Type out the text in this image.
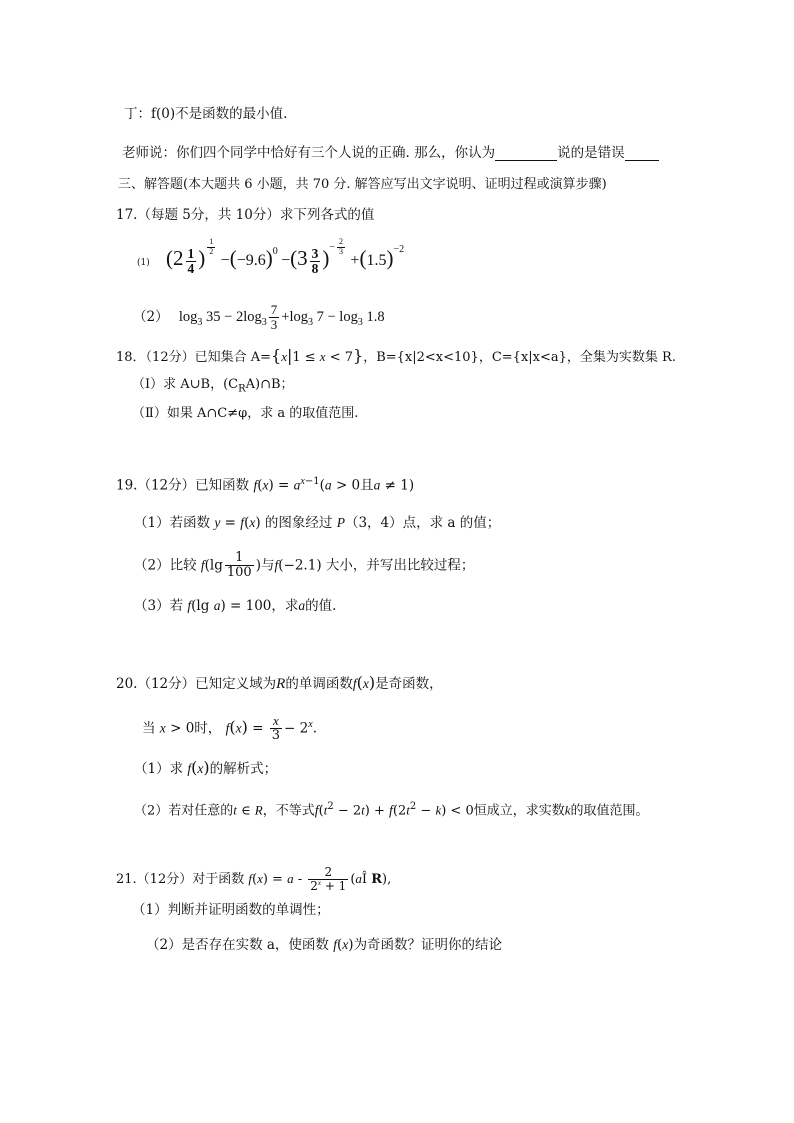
丁：f(0)不是函数的最小值.
老师说：你们四个同学中恰好有三个人说的正确. 那么，你认为	说的是错误
三、解答题(本大题共 6 小题，共 70 分. 解答应写出文字说明、证明过程或演算步骤)
17.（每题 5分，共 10分）求下列各式的值
(1) ($2 \frac{1}{4}$ ) $^{\frac{1}{2}}$
$-(-9.6)^0 -(3 \frac{3}{8} )^{- \frac{2}{3}}$
$+(1.5)^{-2}$
（2） $\log_3 35 - 2\log_3 \frac{7}{3} +\log_3$ $7 - \log_3 1.8$
18．（12分）已知集合 A={x|1 ≤ x < 7}，B={x|2<x<10}，C={x|x<a}，全集为实数集 R.
（Ⅰ）求 A∪B，$(C_RA)\cap B$；
（Ⅱ）如果 A∩C≠φ，求 a 的取值范围.
19.（12分）已知函数 $f(x) = a^{x-1}(a > 0$且a ≠ 1)
（1）若函数 y = f(x) 的图象经过 P（3，4）点，求 a 的值；
（2）比较 $f(\lg \frac{1}{100}$ )与f(−2.1) 大小，并写出比较过程；
（3）若 f(lg a) = 100，求a的值.
20.（12分）已知定义域为R的单调函数f(x)是奇函数，
当 x > 0时， $f(x) = \frac{x}{3} - 2^x$.
（1）求 f(x)的解析式；
（2）若对任意的t ∈ R，不等式$f(t^2 - 2t) + f(2t^2 - k) < 0$恒成立，求实数k的取值范围。
21.（12分）对于函数 $f(x) = a - \frac{2}{2^x + 1}$ (aÎ R),
（1）判断并证明函数的单调性；
（2）是否存在实数 a，使函数 f(x)为奇函数？证明你的结论
